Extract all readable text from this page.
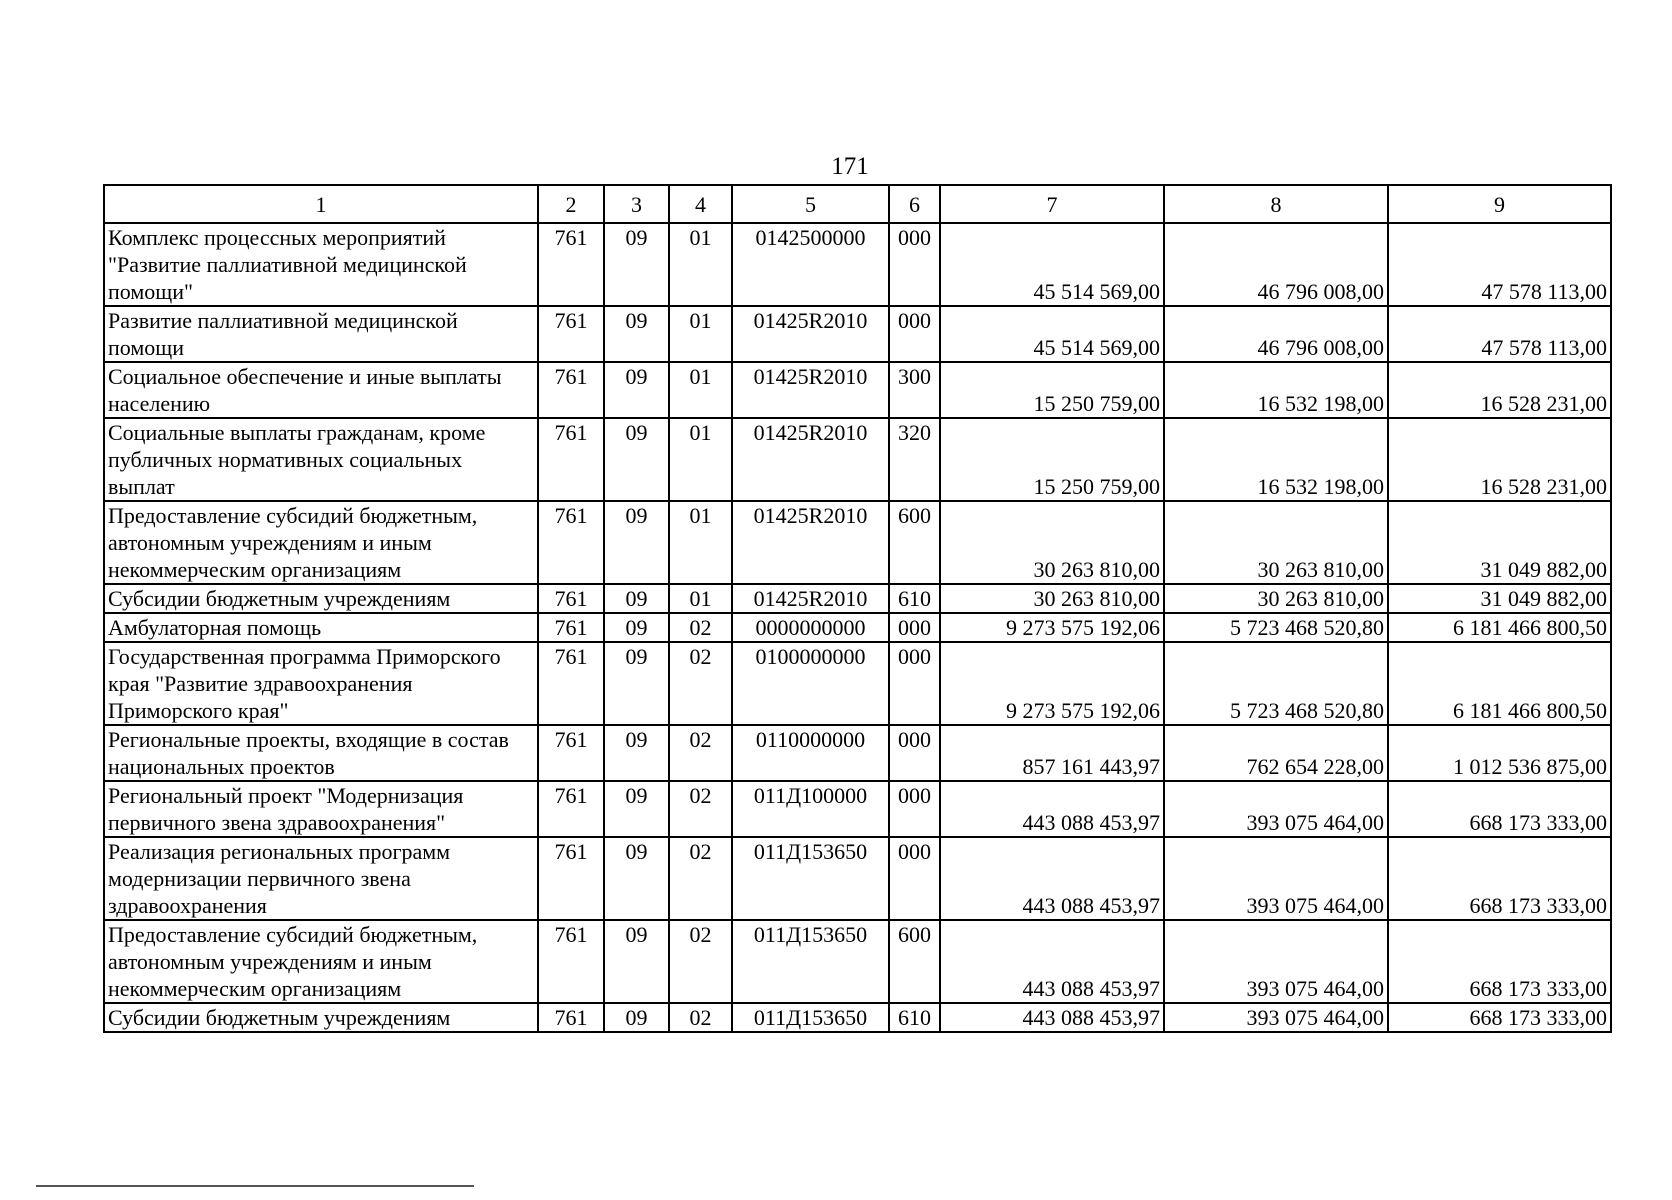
171
1	2	3	4	5	6	7	8	9
Комплекс процессных мероприятий "Развитие паллиативной медицинской помощи"	761	09	01	0142500000	000	45 514 569,00	46 796 008,00	47 578 113,00
Развитие паллиативной медицинской помощи	761	09	01	01425R2010	000	45 514 569,00	46 796 008,00	47 578 113,00
Социальное обеспечение и иные выплаты населению	761	09	01	01425R2010	300	15 250 759,00	16 532 198,00	16 528 231,00
Социальные выплаты гражданам, кроме публичных нормативных социальных выплат	761	09	01	01425R2010	320	15 250 759,00	16 532 198,00	16 528 231,00
Предоставление субсидий бюджетным, автономным учреждениям и иным некоммерческим организациям	761	09	01	01425R2010	600	30 263 810,00	30 263 810,00	31 049 882,00
Субсидии бюджетным учреждениям	761	09	01	01425R2010	610	30 263 810,00	30 263 810,00	31 049 882,00
Амбулаторная помощь	761	09	02	0000000000	000	9 273 575 192,06	5 723 468 520,80	6 181 466 800,50
Государственная программа Приморского края "Развитие здравоохранения Приморского края"	761	09	02	0100000000	000	9 273 575 192,06	5 723 468 520,80	6 181 466 800,50
Региональные проекты, входящие в состав национальных проектов	761	09	02	0110000000	000	857 161 443,97	762 654 228,00	1 012 536 875,00
Региональный проект "Модернизация первичного звена здравоохранения"	761	09	02	011Д100000	000	443 088 453,97	393 075 464,00	668 173 333,00
Реализация региональных программ модернизации первичного звена здравоохранения	761	09	02	011Д153650	000	443 088 453,97	393 075 464,00	668 173 333,00
Предоставление субсидий бюджетным, автономным учреждениям и иным некоммерческим организациям	761	09	02	011Д153650	600	443 088 453,97	393 075 464,00	668 173 333,00
Субсидии бюджетным учреждениям	761	09	02	011Д153650	610	443 088 453,97	393 075 464,00	668 173 333,00
